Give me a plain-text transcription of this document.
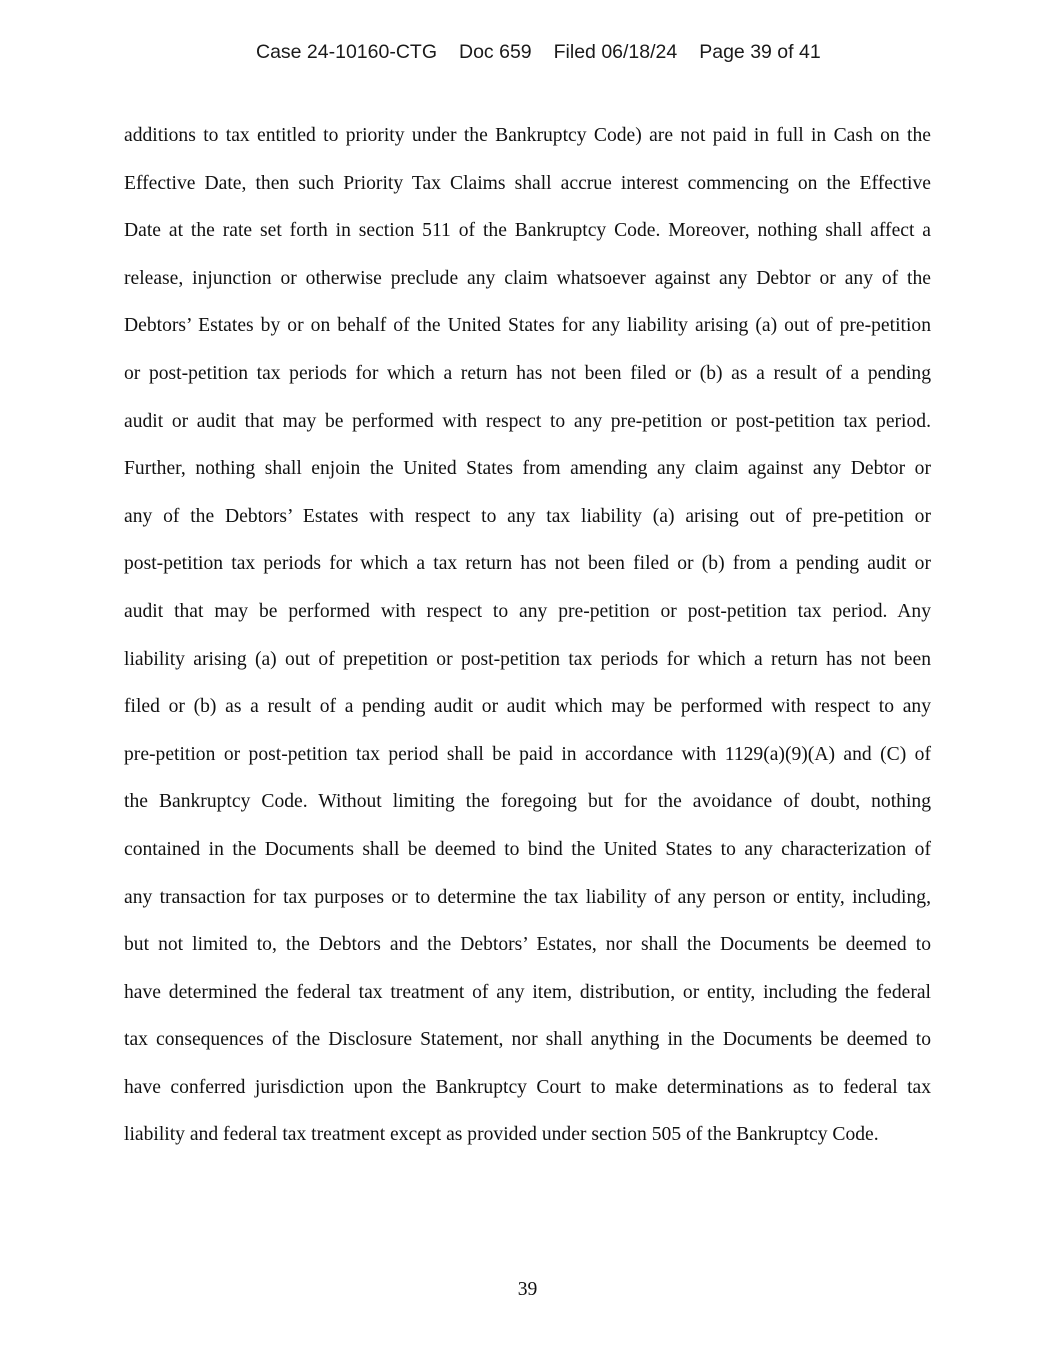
Case 24-10160-CTG Doc 659 Filed 06/18/24 Page 39 of 41

additions to tax entitled to priority under the Bankruptcy Code) are not paid in full in Cash on the
Effective Date, then such Priority Tax Claims shall accrue interest commencing on the Effective
Date at the rate set forth in section 511 of the Bankruptcy Code. Moreover, nothing shall affect a
release, injunction or otherwise preclude any claim whatsoever against any Debtor or any of the
Debtors’ Estates by or on behalf of the United States for any liability arising (a) out of pre-petition
or post-petition tax periods for which a return has not been filed or (b) as a result of a pending
audit or audit that may be performed with respect to any pre-petition or post-petition tax period.
Further, nothing shall enjoin the United States from amending any claim against any Debtor or
any of the Debtors’ Estates with respect to any tax liability (a) arising out of pre-petition or
post-petition tax periods for which a tax return has not been filed or (b) from a pending audit or
audit that may be performed with respect to any pre-petition or post-petition tax period. Any
liability arising (a) out of prepetition or post-petition tax periods for which a return has not been
filed or (b) as a result of a pending audit or audit which may be performed with respect to any
pre-petition or post-petition tax period shall be paid in accordance with 1129(a)(9)(A) and (C) of
the Bankruptcy Code. Without limiting the foregoing but for the avoidance of doubt, nothing
contained in the Documents shall be deemed to bind the United States to any characterization of
any transaction for tax purposes or to determine the tax liability of any person or entity, including,
but not limited to, the Debtors and the Debtors’ Estates, nor shall the Documents be deemed to
have determined the federal tax treatment of any item, distribution, or entity, including the federal
tax consequences of the Disclosure Statement, nor shall anything in the Documents be deemed to
have conferred jurisdiction upon the Bankruptcy Court to make determinations as to federal tax
liability and federal tax treatment except as provided under section 505 of the Bankruptcy Code.
39
